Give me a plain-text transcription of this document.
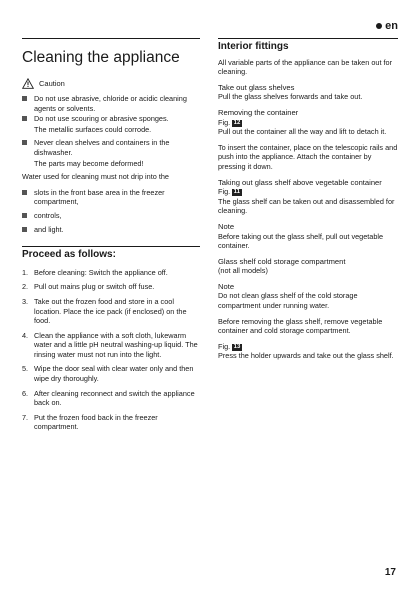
en
Cleaning the appliance
Caution
Do not use abrasive, chloride or acidic cleaning agents or solvents.
Do not use scouring or abrasive sponges.
The metallic surfaces could corrode.
Never clean shelves and containers in the dishwasher.
The parts may become deformed!
Water used for cleaning must not drip into the
slots in the front base area in the freezer compartment,
controls,
and light.
Proceed as follows:
1. Before cleaning: Switch the appliance off.
2. Pull out mains plug or switch off fuse.
3. Take out the frozen food and store in a cool location. Place the ice pack (if enclosed) on the food.
4. Clean the appliance with a soft cloth, lukewarm water and a little pH neutral washing-up liquid. The rinsing water must not run into the light.
5. Wipe the door seal with clear water only and then wipe dry thoroughly.
6. After cleaning reconnect and switch the appliance back on.
7. Put the frozen food back in the freezer compartment.
Interior fittings
All variable parts of the appliance can be taken out for cleaning.
Take out glass shelves
Pull the glass shelves forwards and take out.
Removing the container
Fig. 12
Pull out the container all the way and lift to detach it.
To insert the container, place on the telescopic rails and push into the appliance. Attach the container by pressing it down.
Taking out glass shelf above vegetable container
Fig. 11
The glass shelf can be taken out and disassembled for cleaning.
Note
Before taking out the glass shelf, pull out vegetable container.
Glass shelf cold storage compartment
(not all models)
Note
Do not clean glass shelf of the cold storage compartment under running water.
Before removing the glass shelf, remove vegetable container and cold storage compartment.
Fig. 13
Press the holder upwards and take out the glass shelf.
17
